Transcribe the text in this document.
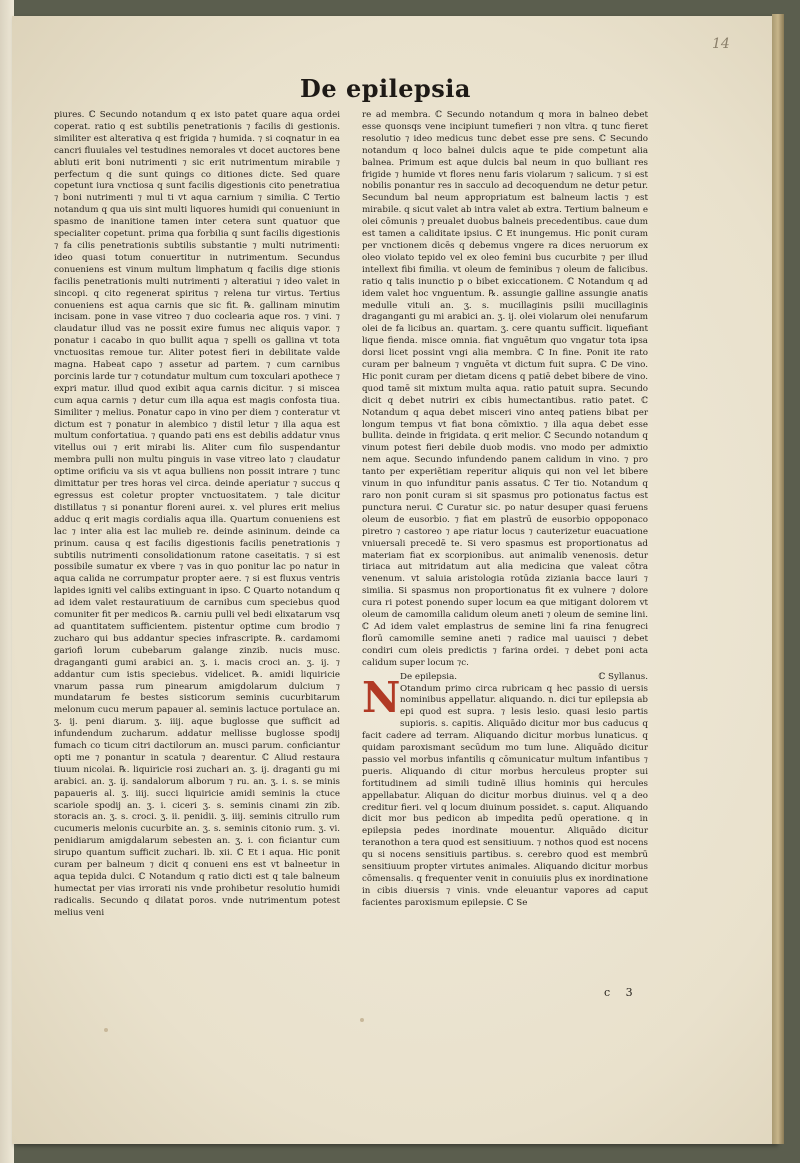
14
De epilepsia

piures. ℂ Secundo notandum q ex isto patet quare aqua ordei coperat. ratio q est subtilis penetrationis ⁊ facilis di gestionis. similiter est alterativa q est frigida ⁊ humida. ⁊ si coqnatur in ea cancri fluuiales vel testudines nemorales vt docet auctores bene abluti erit boni nutrimenti ⁊ sic erit nutrimentum mirabile ⁊ perfectum q die sunt quings co ditiones dicte. Sed quare copetunt iura vnctiosa q sunt facilis digestionis cito penetratiua ⁊ boni nutrimenti ⁊ mul ti vt aqua carnium ⁊ similia. ℂ Tertio notandum q qua uis sint multi liquores humidi qui conueniunt in spasmo de inanitione tamen inter cetera sunt quatuor que specialiter copetunt. prima qua forbilia q sunt facilis digestionis ⁊ fa cilis penetrationis subtilis substantie ⁊ multi nutrimenti: ideo quasi totum conuertitur in nutrimentum. Secundus conueniens est vinum multum limphatum q facilis dige stionis facilis penetrationis multi nutrimenti ⁊ alteratiui ⁊ ideo valet in sincopi. q cito regenerat spiritus ⁊ relena tur virtus. Tertius conueniens est aqua carnis que sic fit. ℞. gallinam minutim incisam. pone in vase vitreo ⁊ duo coclearia aque ros. ⁊ vini. ⁊ claudatur illud vas ne possit exire fumus nec aliquis vapor. ⁊ ponatur i cacabo in quo bullit aqua ⁊ spelli os gallina vt tota vnctuositas remoue tur. Aliter potest fieri in debilitate valde magna. Habeat capo ⁊ assetur ad partem. ⁊ cum carnibus porcinis larde tur ⁊ cotundatur multum cum toxculari apothece ⁊ expri matur. illud quod exibit aqua carnis dicitur. ⁊ si miscea cum aqua carnis ⁊ detur cum illa aqua est magis confosta tiua. Similiter ⁊ melius. Ponatur capo in vino per diem ⁊ conteratur vt dictum est ⁊ ponatur in alembico ⁊ distil letur ⁊ illa aqua est multum confortatiua. ⁊ quando pati ens est debilis addatur vnus vitellus oui ⁊ erit mirabi lis. Aliter cum filo suspendantur membra pulli non multu pinguis in vase vitreo lato ⁊ claudatur optime orificiu va sis vt aqua bulliens non possit intrare ⁊ tunc dimittatur per tres horas vel circa. deinde aperiatur ⁊ succus q egressus est coletur propter vnctuositatem. ⁊ tale dicitur distillatus ⁊ si ponantur floreni aurei. x. vel plures erit melius adduc q erit magis cordialis aqua illa. Quartum conueniens est lac ⁊ inter alia est lac mulieb re. deinde asininum. deinde ca prinum. causa q est facilis digestionis facilis penetrationis ⁊ subtilis nutrimenti consolidationum ratone caseitatis. ⁊ si est possibile sumatur ex vbere ⁊ vas in quo ponitur lac po natur in aqua calida ne corrumpatur propter aere. ⁊ si est fluxus ventris lapides igniti vel calibs extinguant in ipso. ℂ Quarto notandum q ad idem valet restauratiuum de carnibus cum speciebus quod comuniter fit per medicos ℞. carniu pulli vel bedi elixatarum vsq ad quantitatem sufficientem. pistentur optime cum brodio ⁊ zucharo qui bus addantur species infrascripte. ℞. cardamomi gariofi lorum cubebarum galange zinzib. nucis musc. draganganti gumi arabici an. ʒ. i. macis croci an. ʒ. ij. ⁊ addantur cum istis speciebus. videlicet. ℞. amidi liquiricie vnarum passa rum pinearum amigdolarum dulcium ⁊ mundatarum fe bestes sisticorum seminis cucurbitarum melonum cucu merum papauer al. seminis lactuce portulace an. ʒ. ij. peni diarum. ʒ. iiij. aque buglosse que sufficit ad infundendum zucharum. addatur mellisse buglosse spodij fumach co ticum citri dactilorum an. musci parum. conficiantur opti me ⁊ ponantur in scatula ⁊ dearentur. ℂ Aliud restaura tiuum nicolai. ℞. liquiricie rosi zuchari an. ʒ. ij. draganti gu mi arabici. an. ʒ. ij. sandalorum alborum ⁊ ru. an. ʒ. i. s. se minis papaueris al. ʒ. iiij. succi liquiricie amidi seminis la ctuce scariole spodij an. ʒ. i. ciceri ʒ. s. seminis cinami zin zib. storacis an. ʒ. s. croci. ʒ. ii. penidii. ʒ. iiij. seminis citrullo rum cucumeris melonis cucurbite an. ʒ. s. seminis citonio rum. ʒ. vi. penidiarum amigdalarum sebesten an. ʒ. i. con ficiantur cum sirupo quantum sufficit zuchari. lb. xii. ℂ Et i aqua. Hic ponit curam per balneum ⁊ dicit q conueni ens est vt balneetur in aqua tepida dulci. ℂ Notandum q ratio dicti est q tale balneum humectat per vias irrorati nis vnde prohibetur resolutio humidi radicalis. Secundo q dilatat poros. vnde nutrimentum potest melius veni

re ad membra. ℂ Secundo notandum q mora in balneo debet esse quonsqs vene incipiunt tumefieri ⁊ non vltra. q tunc fieret resolutio ⁊ ideo medicus tunc debet esse pre sens. ℂ Secundo notandum q loco balnei dulcis aque te pide competunt alia balnea. Primum est aque dulcis bal neum in quo bulliant res frigide ⁊ humide vt flores nenu faris violarum ⁊ salicum. ⁊ si est nobilis ponantur res in sacculo ad decoquendum ne detur petur. Secundum bal neum appropriatum est balneum lactis ⁊ est mirabile. q sicut valet ab intra valet ab extra. Tertium balneum e olei cōmunis ⁊ preualet duobus balneis precedentibus. caue dum est tamen a caliditate ipsius. ℂ Et inungemus. Hic ponit curam per vnctionem dicēs q debemus vngere ra dices neruorum ex oleo violato tepido vel ex oleo femini bus cucurbite ⁊ per illud intellext fibi fimilia. vt oleum de feminibus ⁊ oleum de falicibus. ratio q talis inunctio p o bibet exiccationem. ℂ Notandum q ad idem valet hoc vnguentum. ℞. assungie galline assungie anatis medulle vituli an. ʒ. s. mucillaginis psilii mucillaginis draganganti gu mi arabici an. ʒ. ij. olei violarum olei nenufarum olei de fa licibus an. quartam. ʒ. cere quantu sufficit. liquefiant lique fienda. misce omnia. fiat vnguētum quo vngatur tota ipsa dorsi licet possint vngi alia membra. ℂ In fine. Ponit ite rato curam per balneum ⁊ vnguēta vt dictum fuit supra. ℂ De vino. Hic ponit curam per dietam dicens q patiē debet bibere de vino. quod tamē sit mixtum multa aqua. ratio patuit supra. Secundo dicit q debet nutriri ex cibis humectantibus. ratio patet. ℂ Notandum q aqua debet misceri vino anteq patiens bibat per longum tempus vt fiat bona cōmixtio. ⁊ illa aqua debet esse bullita. deinde in frigidata. q erit melior. ℂ Secundo notandum q vinum potest fieri debile duob modis. vno modo per admixtio nem aque. Secundo infundendo panem calidum in vino. ⁊ pro tanto per experiētiam reperitur aliquis qui non vel let bibere vinum in quo infunditur panis assatus. ℂ Ter tio. Notandum q raro non ponit curam si sit spasmus pro potionatus factus est punctura nerui. ℂ Curatur sic. po natur desuper quasi feruens oleum de eusorbio. ⁊ fiat em plastrū de eusorbio oppoponaco piretro ⁊ castoreo ⁊ ape riatur locus ⁊ cauterizetur euacuatione vniuersali precedē te. Si vero spasmus est proportionatus ad materiam fiat ex scorpionibus. aut animalib venenosis. detur tiriaca aut mitridatum aut alia medicina que valeat cōtra venenum. vt saluia aristologia rotūda ziziania bacce lauri ⁊ similia. Si spasmus non proportionatus fit ex vulnere ⁊ dolore cura ri potest ponendo super locum ea que mitigant dolorem vt oleum de camomilla calidum oleum aneti ⁊ oleum de semine lini. ℂ Ad idem valet emplastrus de semine lini fa rina fenugreci florū camomille semine aneti ⁊ radice mal uauisci ⁊ debet condiri cum oleis predictis ⁊ farina ordei. ⁊ debet poni acta calidum super locum ⁊c.

N De epilepsia.	ℂ Syllanus.

Otandum primo circa rubricam q hec passio di uersis nominibus appellatur. aliquando. n. dici tur epilepsia ab epi quod est supra. ⁊ lesis lesio. quasi lesio partis supioris. s. capitis. Aliquādo dicitur mor bus caducus q facit cadere ad terram. Aliquando dicitur morbus lunaticus. q quidam paroxismant secūdum mo tum lune. Aliquādo dicitur passio vel morbus infantilis q cōmunicatur multum infantibus ⁊ pueris. Aliquando di citur morbus herculeus propter sui fortitudinem ad simili tudinē illius hominis qui hercules appellabatur. Aliquan do dicitur morbus diuinus. vel q a deo creditur fieri. vel q locum diuinum possidet. s. caput. Aliquando dicit mor bus pedicon ab impedita pedū operatione. q in epilepsia pedes inordinate mouentur. Aliquādo dicitur teranothon a tera quod est sensitiuum. ⁊ nothos quod est nocens qu si nocens sensitiuis partibus. s. cerebro quod est membrū sensitiuum propter virtutes animales. Aliquando dicitur morbus cōmensalis. q frequenter venit in conuiuiis plus ex inordinatione in cibis diuersis ⁊ vinis. vnde eleuantur vapores ad caput facientes paroxismum epilepsie. ℂ Se

c 3
